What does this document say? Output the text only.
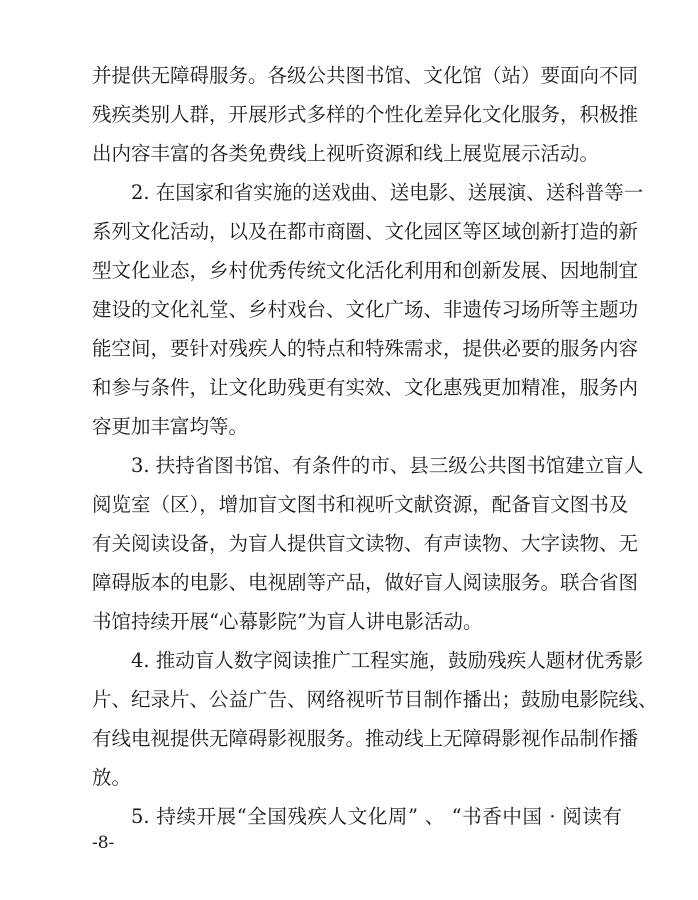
并提供无障碍服务。各级公共图书馆、文化馆（站）要面向不同
残疾类别人群，开展形式多样的个性化差异化文化服务，积极推
出内容丰富的各类免费线上视听资源和线上展览展示活动。
2. 在国家和省实施的送戏曲、送电影、送展演、送科普等一
系列文化活动，以及在都市商圈、文化园区等区域创新打造的新
型文化业态，乡村优秀传统文化活化利用和创新发展、因地制宜
建设的文化礼堂、乡村戏台、文化广场、非遗传习场所等主题功
能空间，要针对残疾人的特点和特殊需求，提供必要的服务内容
和参与条件，让文化助残更有实效、文化惠残更加精准，服务内
容更加丰富均等。
3. 扶持省图书馆、有条件的市、县三级公共图书馆建立盲人
阅览室（区），增加盲文图书和视听文献资源，配备盲文图书及
有关阅读设备，为盲人提供盲文读物、有声读物、大字读物、无
障碍版本的电影、电视剧等产品，做好盲人阅读服务。联合省图
书馆持续开展“心幕影院”为盲人讲电影活动。
4. 推动盲人数字阅读推广工程实施，鼓励残疾人题材优秀影
片、纪录片、公益广告、网络视听节目制作播出；鼓励电影院线、
有线电视提供无障碍影视服务。推动线上无障碍影视作品制作播
放。
5. 持续开展“全国残疾人文化周” 、 “书香中国 · 阅读有
-8-
